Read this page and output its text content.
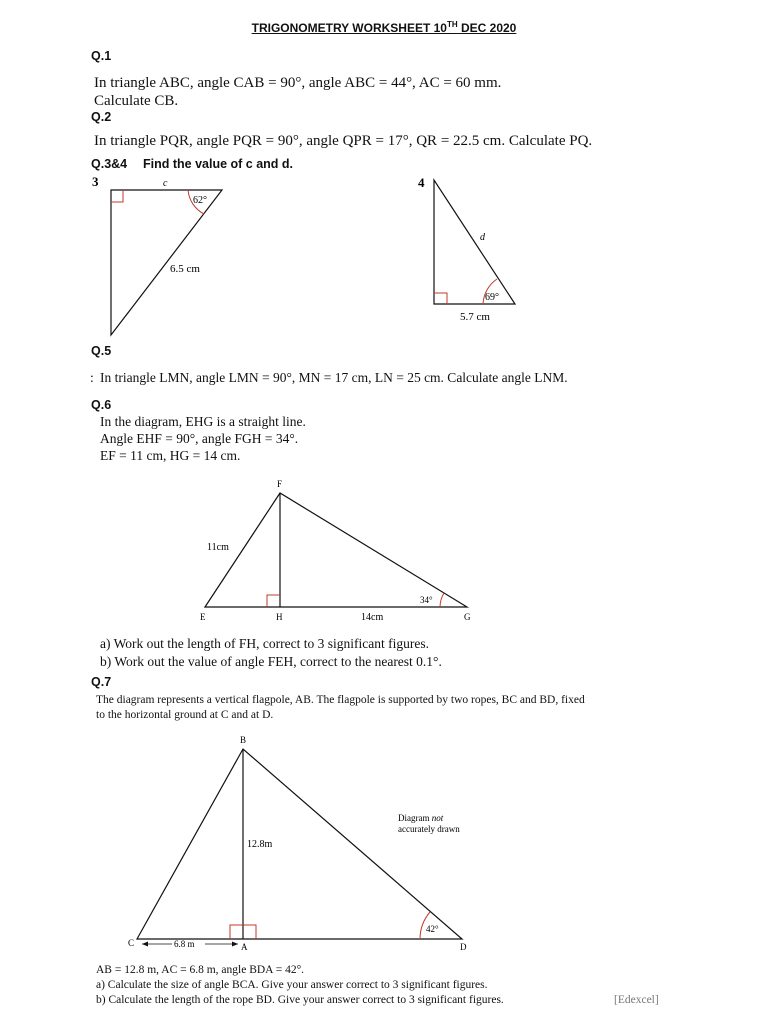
TRIGONOMETRY WORKSHEET 10TH DEC 2020
Q.1
In triangle ABC, angle CAB = 90°, angle ABC = 44°, AC = 60 mm.
Calculate CB.
Q.2
In triangle PQR, angle PQR = 90°, angle QPR = 17°, QR = 22.5 cm. Calculate PQ.
Q.3&4 Find the value of c and d.
3	c
62°
6.5 cm
4
69°
d
5.7 cm
F
E	H	G
11cm
14cm
34°
B
C	A	D
12.8m
6.8 m
42°
Diagram not
accurately drawn
Q.5
: In triangle LMN, angle LMN = 90°, MN = 17 cm, LN = 25 cm. Calculate angle LNM.
Q.6
In the diagram, EHG is a straight line.
Angle EHF = 90°, angle FGH = 34°.
EF = 11 cm, HG = 14 cm.
a) Work out the length of FH, correct to 3 significant figures.
b) Work out the value of angle FEH, correct to the nearest 0.1°.
Q.7
The diagram represents a vertical flagpole, AB. The flagpole is supported by two ropes, BC and BD, fixed
to the horizontal ground at C and at D.
AB = 12.8 m, AC = 6.8 m, angle BDA = 42°.
a) Calculate the size of angle BCA. Give your answer correct to 3 significant figures.
b) Calculate the length of the rope BD. Give your answer correct to 3 significant figures.	[Edexcel]
